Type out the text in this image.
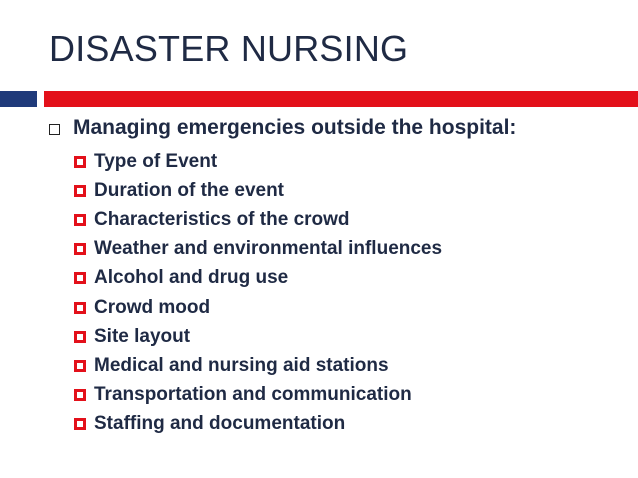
DISASTER NURSING
Managing emergencies outside the hospital:
Type of Event
Duration of the event
Characteristics of the crowd
Weather and environmental influences
Alcohol and drug use
Crowd mood
Site layout
Medical and nursing aid stations
Transportation and communication
Staffing and documentation
